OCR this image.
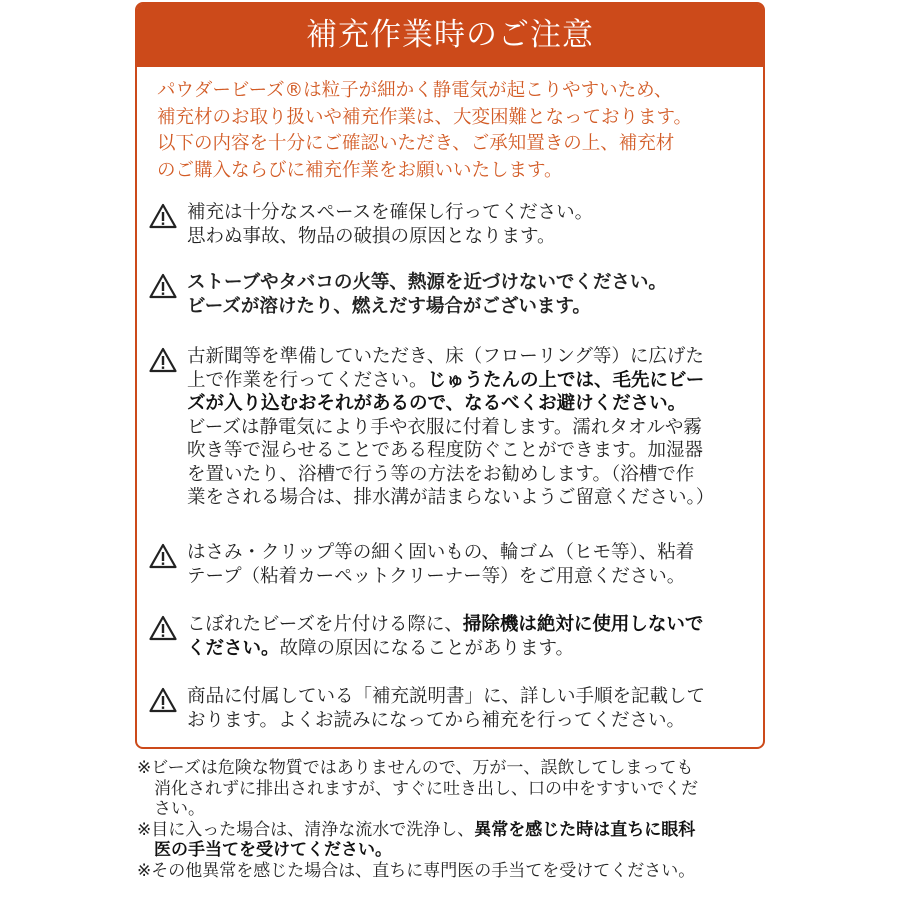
補充作業時のご注意
パウダービーズ®は粒子が細かく静電気が起こりやすいため、
補充材のお取り扱いや補充作業は、大変困難となっております。
以下の内容を十分にご確認いただき、ご承知置きの上、補充材
のご購入ならびに補充作業をお願いいたします。
補充は十分なスペースを確保し行ってください。
思わぬ事故、物品の破損の原因となります。
ストーブやタバコの火等、熱源を近づけないでください。
ビーズが溶けたり、燃えだす場合がございます。
古新聞等を準備していただき、床（フローリング等）に広げた
上で作業を行ってください。じゅうたんの上では、毛先にビー
ズが入り込むおそれがあるので、なるべくお避けください。
ビーズは静電気により手や衣服に付着します。濡れタオルや霧
吹き等で湿らせることである程度防ぐことができます。加湿器
を置いたり、浴槽で行う等の方法をお勧めします。（浴槽で作
業をされる場合は、排水溝が詰まらないようご留意ください。）
はさみ・クリップ等の細く固いもの、輪ゴム（ヒモ等）、粘着
テープ（粘着カーペットクリーナー等）をご用意ください。
こぼれたビーズを片付ける際に、掃除機は絶対に使用しないで
ください。故障の原因になることがあります。
商品に付属している「補充説明書」に、詳しい手順を記載して
おります。よくお読みになってから補充を行ってください。
※ビーズは危険な物質ではありませんので、万が一、誤飲してしまっても
消化されずに排出されますが、すぐに吐き出し、口の中をすすいでくだ
さい。
※目に入った場合は、清浄な流水で洗浄し、異常を感じた時は直ちに眼科
医の手当てを受けてください。
※その他異常を感じた場合は、直ちに専門医の手当てを受けてください。
